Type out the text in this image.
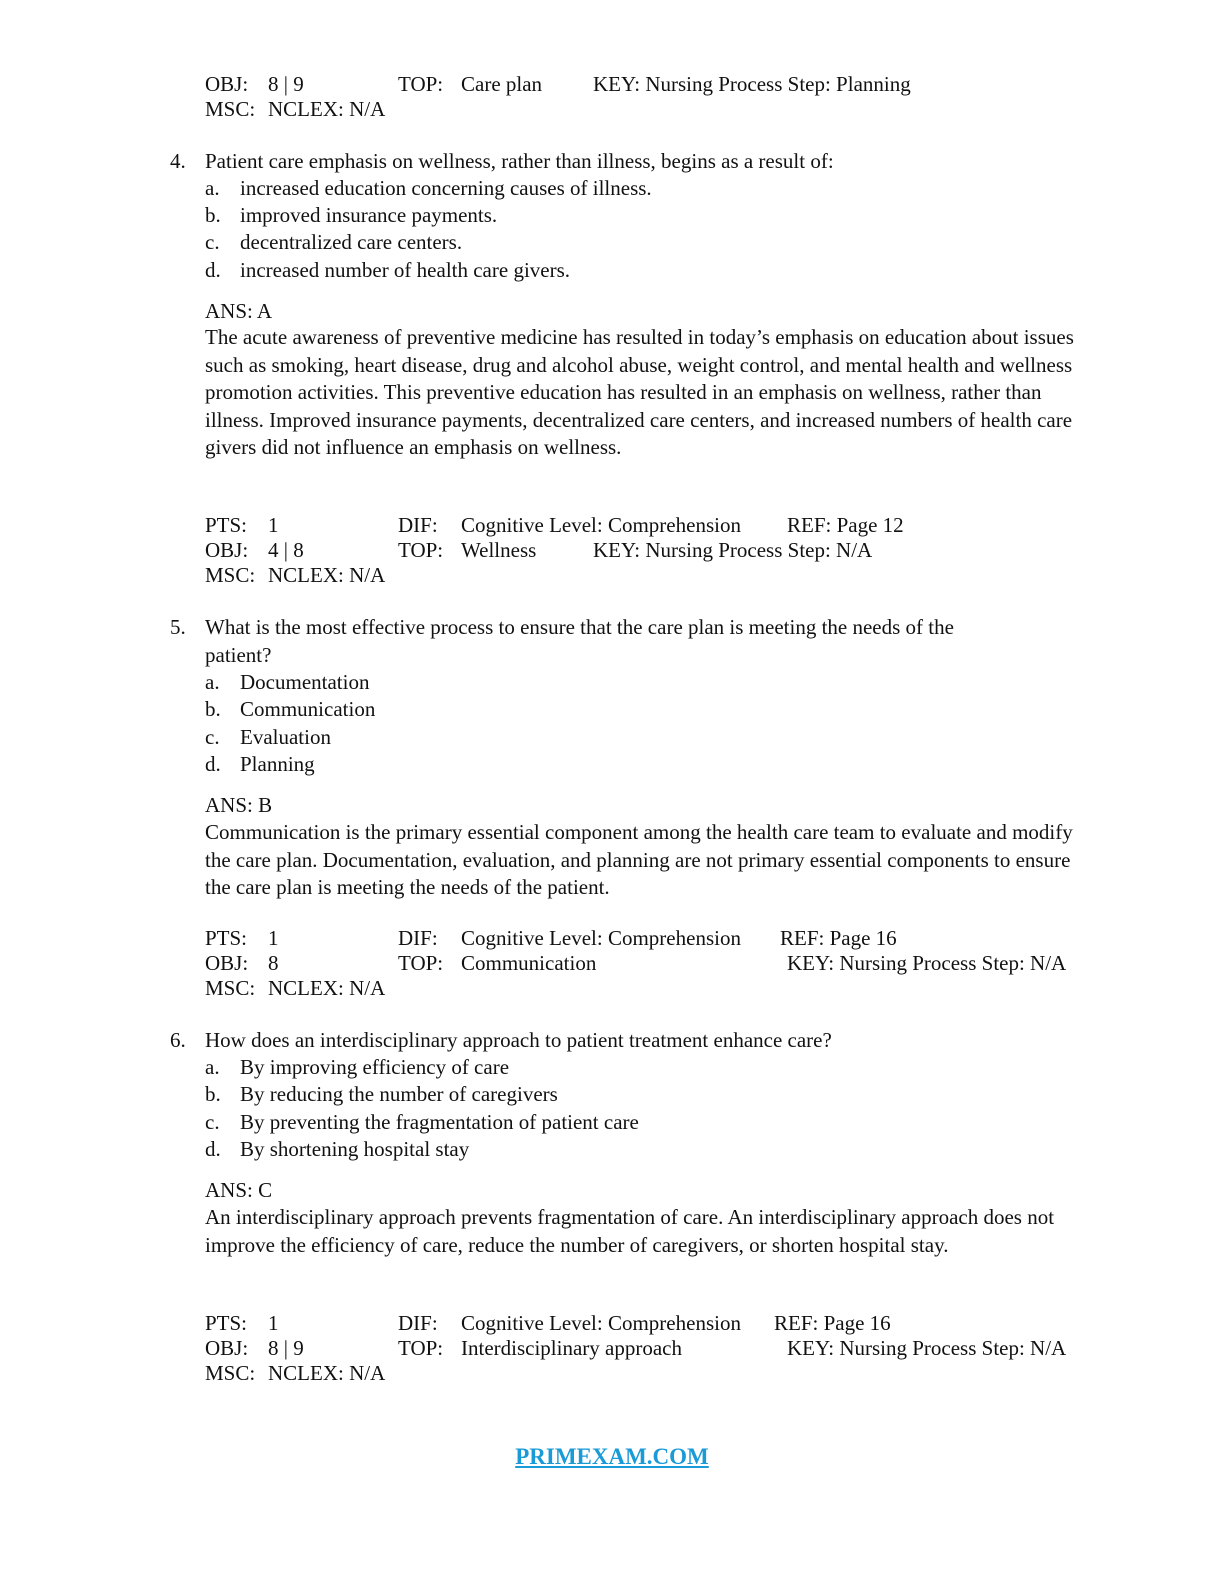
OBJ: 8 | 9	TOP: Care plan KEY: Nursing Process Step: Planning
MSC: NCLEX: N/A
4. Patient care emphasis on wellness, rather than illness, begins as a result of:
a. increased education concerning causes of illness.
b. improved insurance payments.
c. decentralized care centers.
d. increased number of health care givers.
ANS: A
The acute awareness of preventive medicine has resulted in today’s emphasis on education about issues such as smoking, heart disease, drug and alcohol abuse, weight control, and mental health and wellness promotion activities. This preventive education has resulted in an emphasis on wellness, rather than illness. Improved insurance payments, decentralized care centers, and increased numbers of health care givers did not influence an emphasis on wellness.
PTS: 1	DIF: Cognitive Level: Comprehension REF: Page 12
OBJ: 4 | 8	TOP: Wellness	KEY: Nursing Process Step: N/A
MSC: NCLEX: N/A
5. What is the most effective process to ensure that the care plan is meeting the needs of the
patient?
a. Documentation
b. Communication
c. Evaluation
d. Planning
ANS: B
Communication is the primary essential component among the health care team to evaluate and modify the care plan. Documentation, evaluation, and planning are not primary essential components to ensure the care plan is meeting the needs of the patient.
PTS: 1	DIF: Cognitive Level: Comprehension REF: Page 16
OBJ: 8	TOP: Communication	KEY: Nursing Process Step: N/A
MSC: NCLEX: N/A
6. How does an interdisciplinary approach to patient treatment enhance care?
a. By improving efficiency of care
b. By reducing the number of caregivers
c. By preventing the fragmentation of patient care
d. By shortening hospital stay
ANS: C
An interdisciplinary approach prevents fragmentation of care. An interdisciplinary approach does not improve the efficiency of care, reduce the number of caregivers, or shorten hospital stay.
PTS: 1	DIF: Cognitive Level: Comprehension REF: Page 16
OBJ: 8 | 9	TOP: Interdisciplinary approach	KEY: Nursing Process Step: N/A
MSC: NCLEX: N/A
PRIMEXAM.COM
